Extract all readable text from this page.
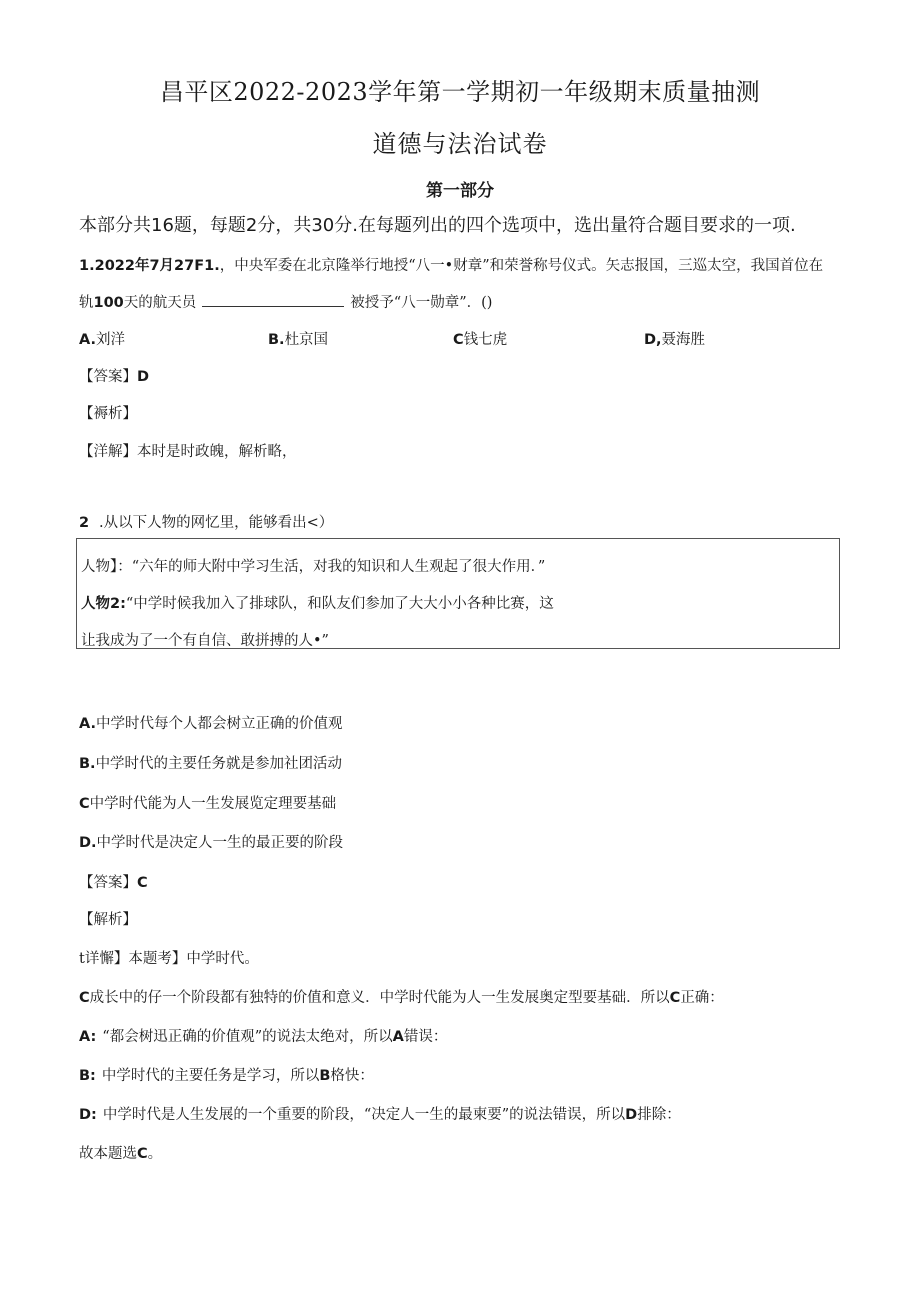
昌平区2022-2023学年第一学期初一年级期末质量抽测
道德与法治试卷
第一部分
本部分共16题，每题2分，共30分.在每题列出的四个选项中，选出量符合题目要求的一项.
1.2022年7月27F1.，中央军委在北京隆举行地授“八一•财章”和荣誉称号仪式。矢志报国，三巡太空，我国首位在
轨100天的航天员	被授予“八一勋章”．()
A.刘洋	B.杜京国	C钱七虎	D,聂海胜
【答案】D
【褥析】
【洋解】本时是时政魄，解析略，
2 .从以下人物的网忆里，能够看出<）
人物】：“六年的师大附中学习生活，对我的知识和人生观起了很大作用．”
人物2:“中学时候我加入了排球队，和队友们参加了大大小小各种比赛，这
让我成为了一个有自信、敢拼搏的人•”
A.中学时代每个人都会树立正确的价值观
B.中学时代的主要任务就是参加社团活动
C中学时代能为人一生发展览定理要基础
D.中学时代是决定人一生的最正要的阶段
【答案】C
【解析】
t详懈】本题考】中学时代。
C成长中的仔一个阶段都有独特的价值和意义．中学时代能为人一生发展奥定型要基础．所以C正确：
A: “都会树迅正确的价值观”的说法太绝对，所以A错误：
B: 中学时代的主要任务是学习，所以B格快：
D: 中学时代是人生发展的一个重要的阶段，“决定人一生的最柬要”的说法错误，所以D排除：
故本题选C。
